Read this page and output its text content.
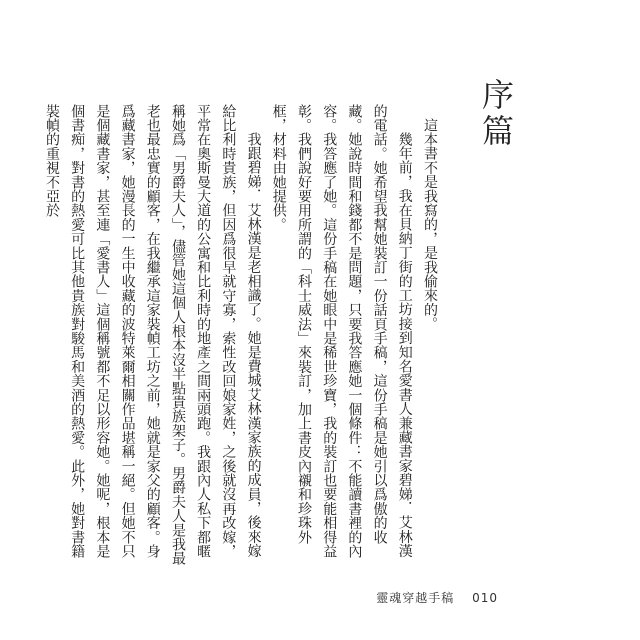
序篇

這本書不是我寫的，是我偷來的。

幾年前，我在貝納丁街的工坊接到知名愛書人兼藏書家碧娣．艾林漢的電話。她希望我幫她裝訂一份話頁手稿，這份手稿是她引以爲傲的收藏。她說時間和錢都不是問題，只要我答應她一個條件：不能讀書裡的內容。我答應了她。這份手稿在她眼中是稀世珍寶，我的裝訂也要能相得益彰。我們說好要用所謂的「科士威法」來裝訂，加上書皮內襯和珍珠外框，材料由她提供。

我跟碧娣．艾林漢是老相識了。她是費城艾林漢家族的成員，後來嫁給比利時貴族，但因爲很早就守寡，索性改回娘家姓，之後就沒再改嫁，平常在奧斯曼大道的公寓和比利時的地產之間兩頭跑。我跟內人私下都暱稱她爲「男爵夫人」，儘管她這個人根本沒半點貴族架子。男爵夫人是我最老也最忠實的顧客，在我繼承這家裝幀工坊之前，她就是家父的顧客。身爲藏書家，她漫長的一生中收藏的波特萊爾相關作品堪稱一絕。但她不只是個藏書家，甚至連「愛書人」這個稱號都不足以形容她。她呢，根本是個書痴，對書的熱愛可比其他貴族對駿馬和美酒的熱愛。此外，她對書籍裝幀的重視不亞於

靈魂穿越手稿 010
